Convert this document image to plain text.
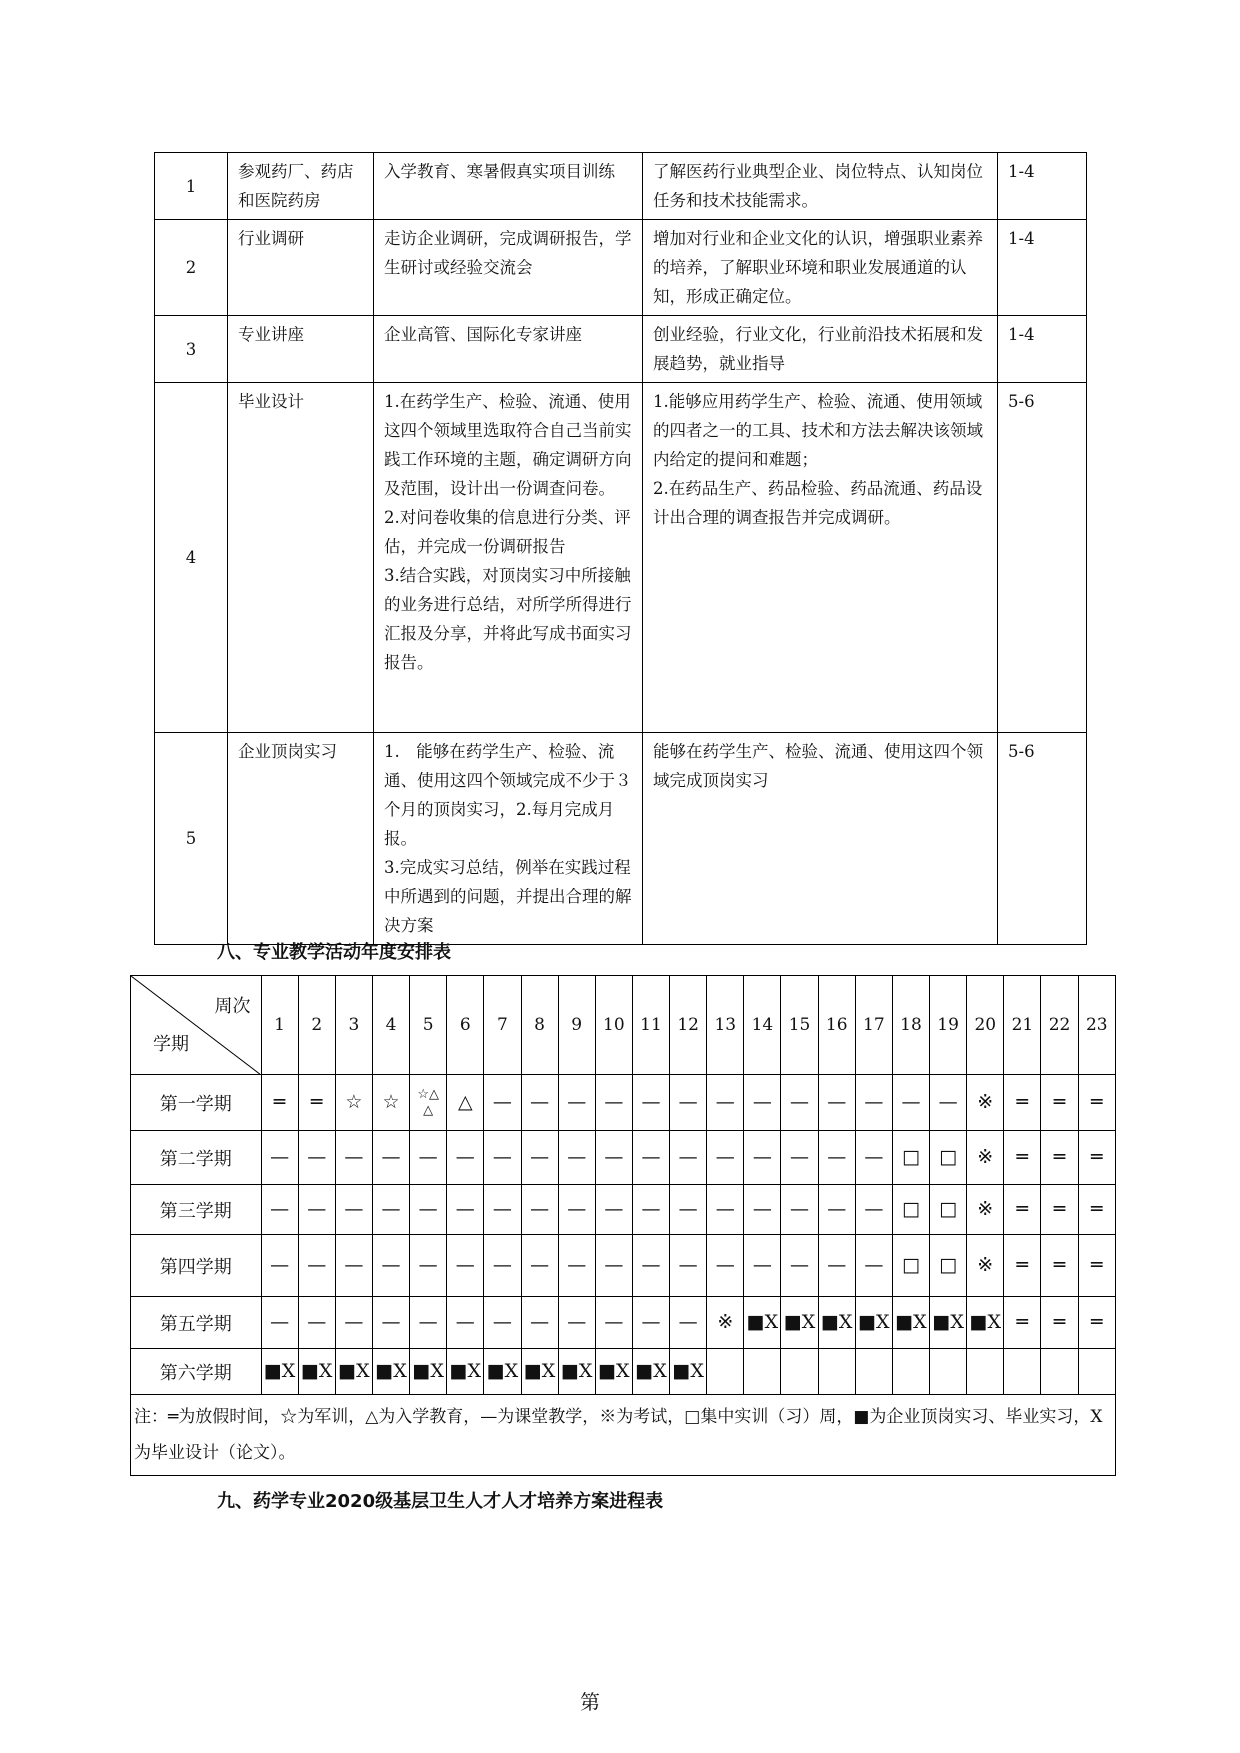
1	参观药厂、药店和医院药房	入学教育、寒暑假真实项目训练	了解医药行业典型企业、岗位特点、认知岗位任务和技术技能需求。	1-4
2	行业调研	走访企业调研，完成调研报告，学生研讨或经验交流会	增加对行业和企业文化的认识，增强职业素养的培养，了解职业环境和职业发展通道的认知，形成正确定位。	1-4
3	专业讲座	企业高管、国际化专家讲座	创业经验，行业文化，行业前沿技术拓展和发展趋势，就业指导	1-4
4	毕业设计	1.在药学生产、检验、流通、使用这四个领域里选取符合自己当前实践工作环境的主题，确定调研方向及范围，设计出一份调查问卷。
2.对问卷收集的信息进行分类、评估，并完成一份调研报告
3.结合实践，对顶岗实习中所接触的业务进行总结，对所学所得进行汇报及分享，并将此写成书面实习报告。	1.能够应用药学生产、检验、流通、使用领域的四者之一的工具、技术和方法去解决该领域内给定的提问和难题；
2.在药品生产、药品检验、药品流通、药品设计出合理的调查报告并完成调研。	5-6
5	企业顶岗实习	1.　能够在药学生产、检验、流通、使用这四个领域完成不少于３个月的顶岗实习，2.每月完成月报。
3.完成实习总结，例举在实践过程中所遇到的问题，并提出合理的解决方案	能够在药学生产、检验、流通、使用这四个领域完成顶岗实习	5-6
八、专业教学活动年度安排表
周次
学期	1	2	3	4	5	6	7	8	9	10	11	12	13	14	15	16	17	18	19	20	21	22	23
第一学期	═	═	☆	☆	☆△
△	△	—	—	—	—	—	—	—	—	—	—	—	—	—	※	═	═	═
第二学期	—	—	—	—	—	—	—	—	—	—	—	—	—	—	—	—	—	□	□	※	═	═	═
第三学期	—	—	—	—	—	—	—	—	—	—	—	—	—	—	—	—	—	□	□	※	═	═	═
第四学期	—	—	—	—	—	—	—	—	—	—	—	—	—	—	—	—	—	□	□	※	═	═	═
第五学期	—	—	—	—	—	—	—	—	—	—	—	—	※	■X	■X	■X	■X	■X	■X	■X	═	═	═
第六学期	■X	■X	■X	■X	■X	■X	■X	■X	■X	■X	■X	■X											
注：═为放假时间，☆为军训，△为入学教育，—为课堂教学，※为考试，□集中实训（习）周，■为企业顶岗实习、毕业实习，X为毕业设计（论文）。																							
九、药学专业2020级基层卫生人才人才培养方案进程表
第
